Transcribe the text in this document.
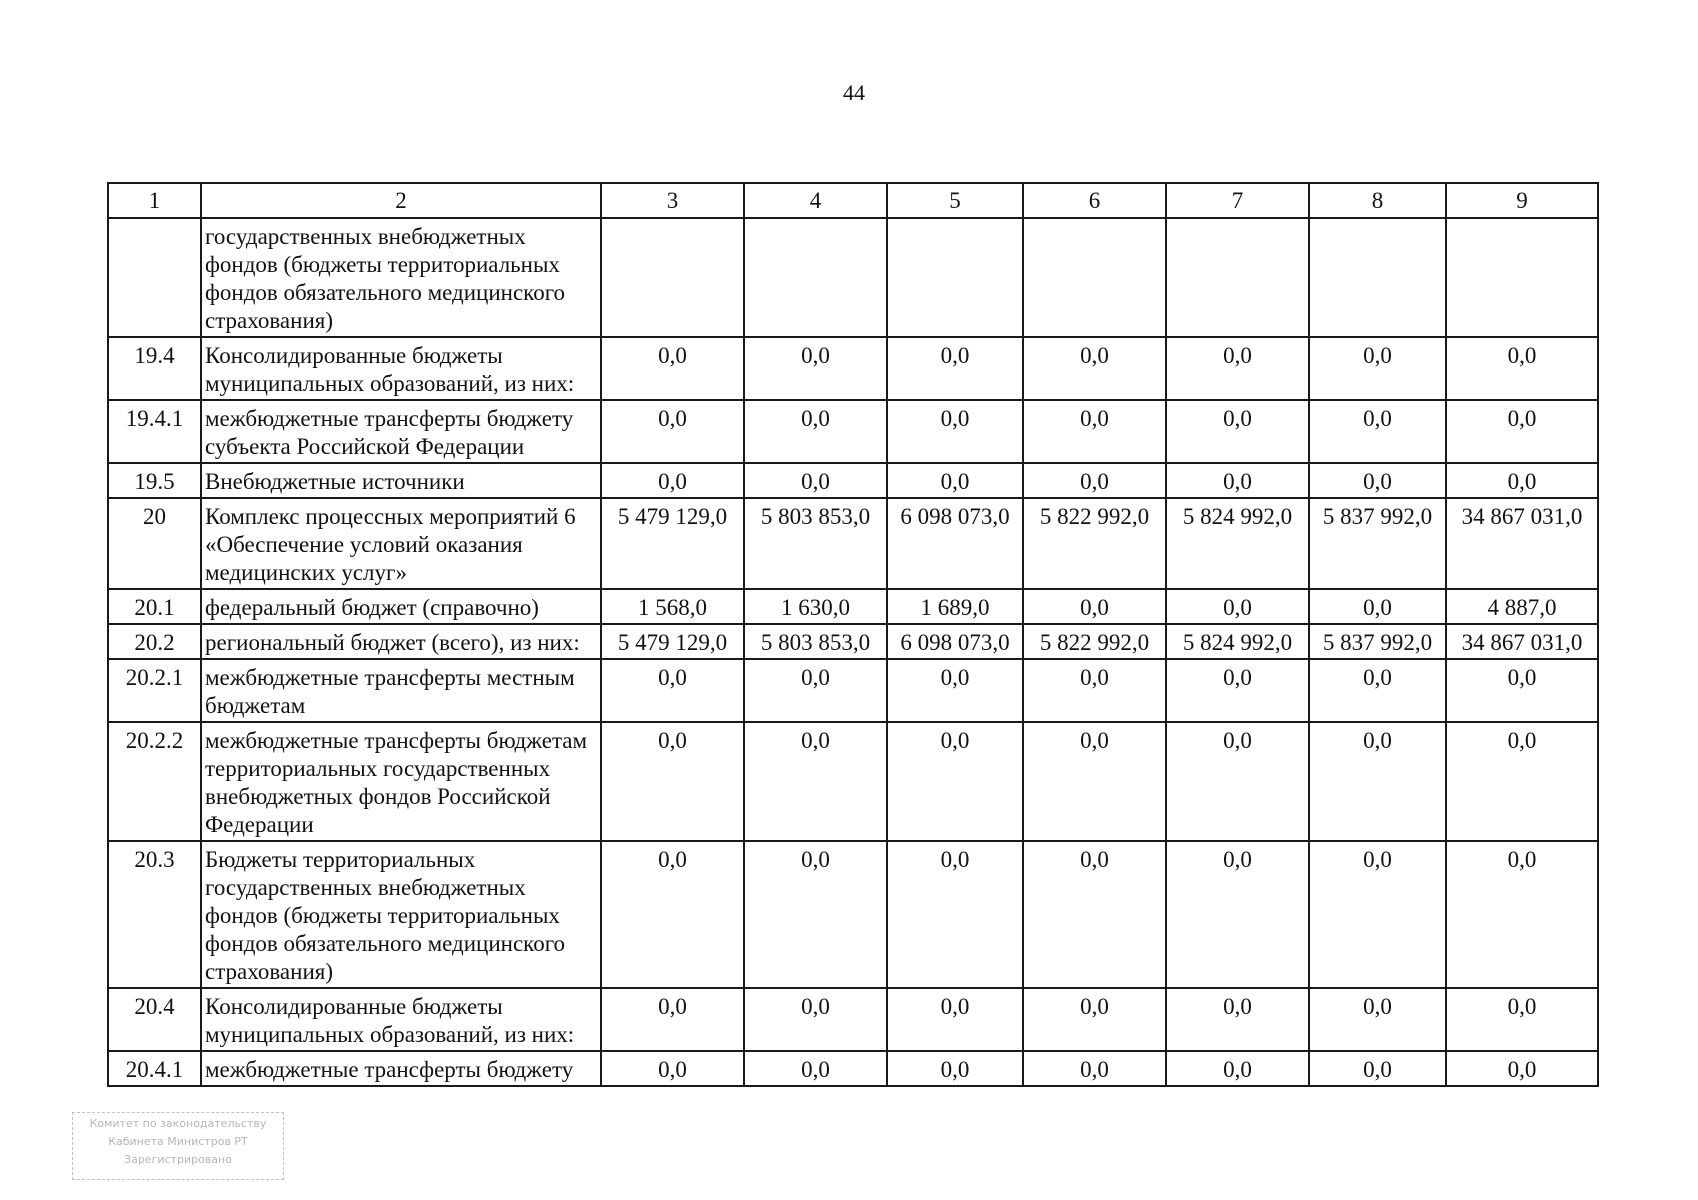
44
1	2	3	4	5	6	7	8	9
	государственных внебюджетных фондов (бюджеты территориальных фондов обязательного медицинского страхования)							
19.4	Консолидированные бюджеты муниципальных образований, из них:	0,0	0,0	0,0	0,0	0,0	0,0	0,0
19.4.1	межбюджетные трансферты бюджету субъекта Российской Федерации	0,0	0,0	0,0	0,0	0,0	0,0	0,0
19.5	Внебюджетные источники	0,0	0,0	0,0	0,0	0,0	0,0	0,0
20	Комплекс процессных мероприятий 6 «Обеспечение условий оказания медицинских услуг»	5 479 129,0	5 803 853,0	6 098 073,0	5 822 992,0	5 824 992,0	5 837 992,0	34 867 031,0
20.1	федеральный бюджет (справочно)	1 568,0	1 630,0	1 689,0	0,0	0,0	0,0	4 887,0
20.2	региональный бюджет (всего), из них:	5 479 129,0	5 803 853,0	6 098 073,0	5 822 992,0	5 824 992,0	5 837 992,0	34 867 031,0
20.2.1	межбюджетные трансферты местным бюджетам	0,0	0,0	0,0	0,0	0,0	0,0	0,0
20.2.2	межбюджетные трансферты бюджетам территориальных государственных внебюджетных фондов Российской Федерации	0,0	0,0	0,0	0,0	0,0	0,0	0,0
20.3	Бюджеты территориальных государственных внебюджетных фондов (бюджеты территориальных фондов обязательного медицинского страхования)	0,0	0,0	0,0	0,0	0,0	0,0	0,0
20.4	Консолидированные бюджеты муниципальных образований, из них:	0,0	0,0	0,0	0,0	0,0	0,0	0,0
20.4.1	межбюджетные трансферты бюджету	0,0	0,0	0,0	0,0	0,0	0,0	0,0
Комитет по законодательству
Кабинета Министров РТ
Зарегистрировано
